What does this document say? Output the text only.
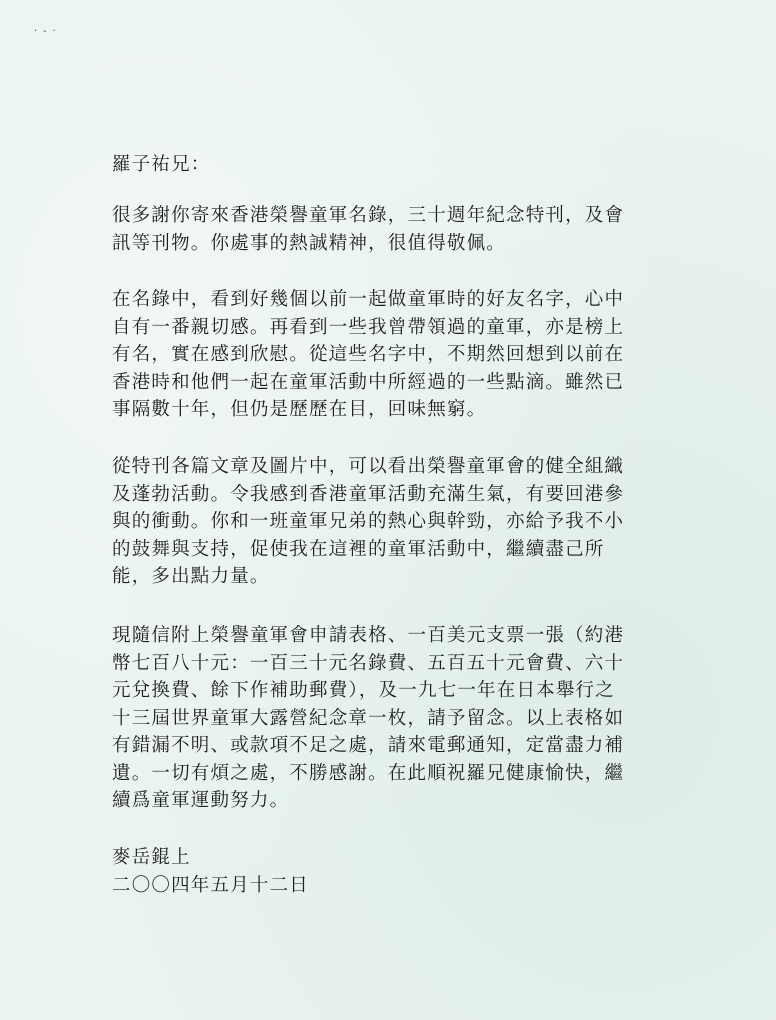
·-·
羅子祐兄：
很多謝你寄來香港榮譽童軍名錄，三十週年紀念特刊，及會
訊等刊物。你處事的熱誠精神，很值得敬佩。
在名錄中，看到好幾個以前一起做童軍時的好友名字，心中
自有一番親切感。再看到一些我曾帶領過的童軍，亦是榜上
有名，實在感到欣慰。從這些名字中，不期然回想到以前在
香港時和他們一起在童軍活動中所經過的一些點滴。雖然已
事隔數十年，但仍是歷歷在目，回味無窮。
從特刊各篇文章及圖片中，可以看出榮譽童軍會的健全組織
及蓬勃活動。令我感到香港童軍活動充滿生氣，有要回港參
與的衝動。你和一班童軍兄弟的熱心與幹勁，亦給予我不小
的鼓舞與支持，促使我在這裡的童軍活動中，繼續盡己所
能，多出點力量。
現隨信附上榮譽童軍會申請表格、一百美元支票一張（約港
幣七百八十元：一百三十元名錄費、五百五十元會費、六十
元兌換費、餘下作補助郵費），及一九七一年在日本舉行之
十三屆世界童軍大露營紀念章一枚，請予留念。以上表格如
有錯漏不明、或款項不足之處，請來電郵通知，定當盡力補
遺。一切有煩之處，不勝感謝。在此順祝羅兄健康愉快，繼
續爲童軍運動努力。
麥岳錕上
二〇〇四年五月十二日
